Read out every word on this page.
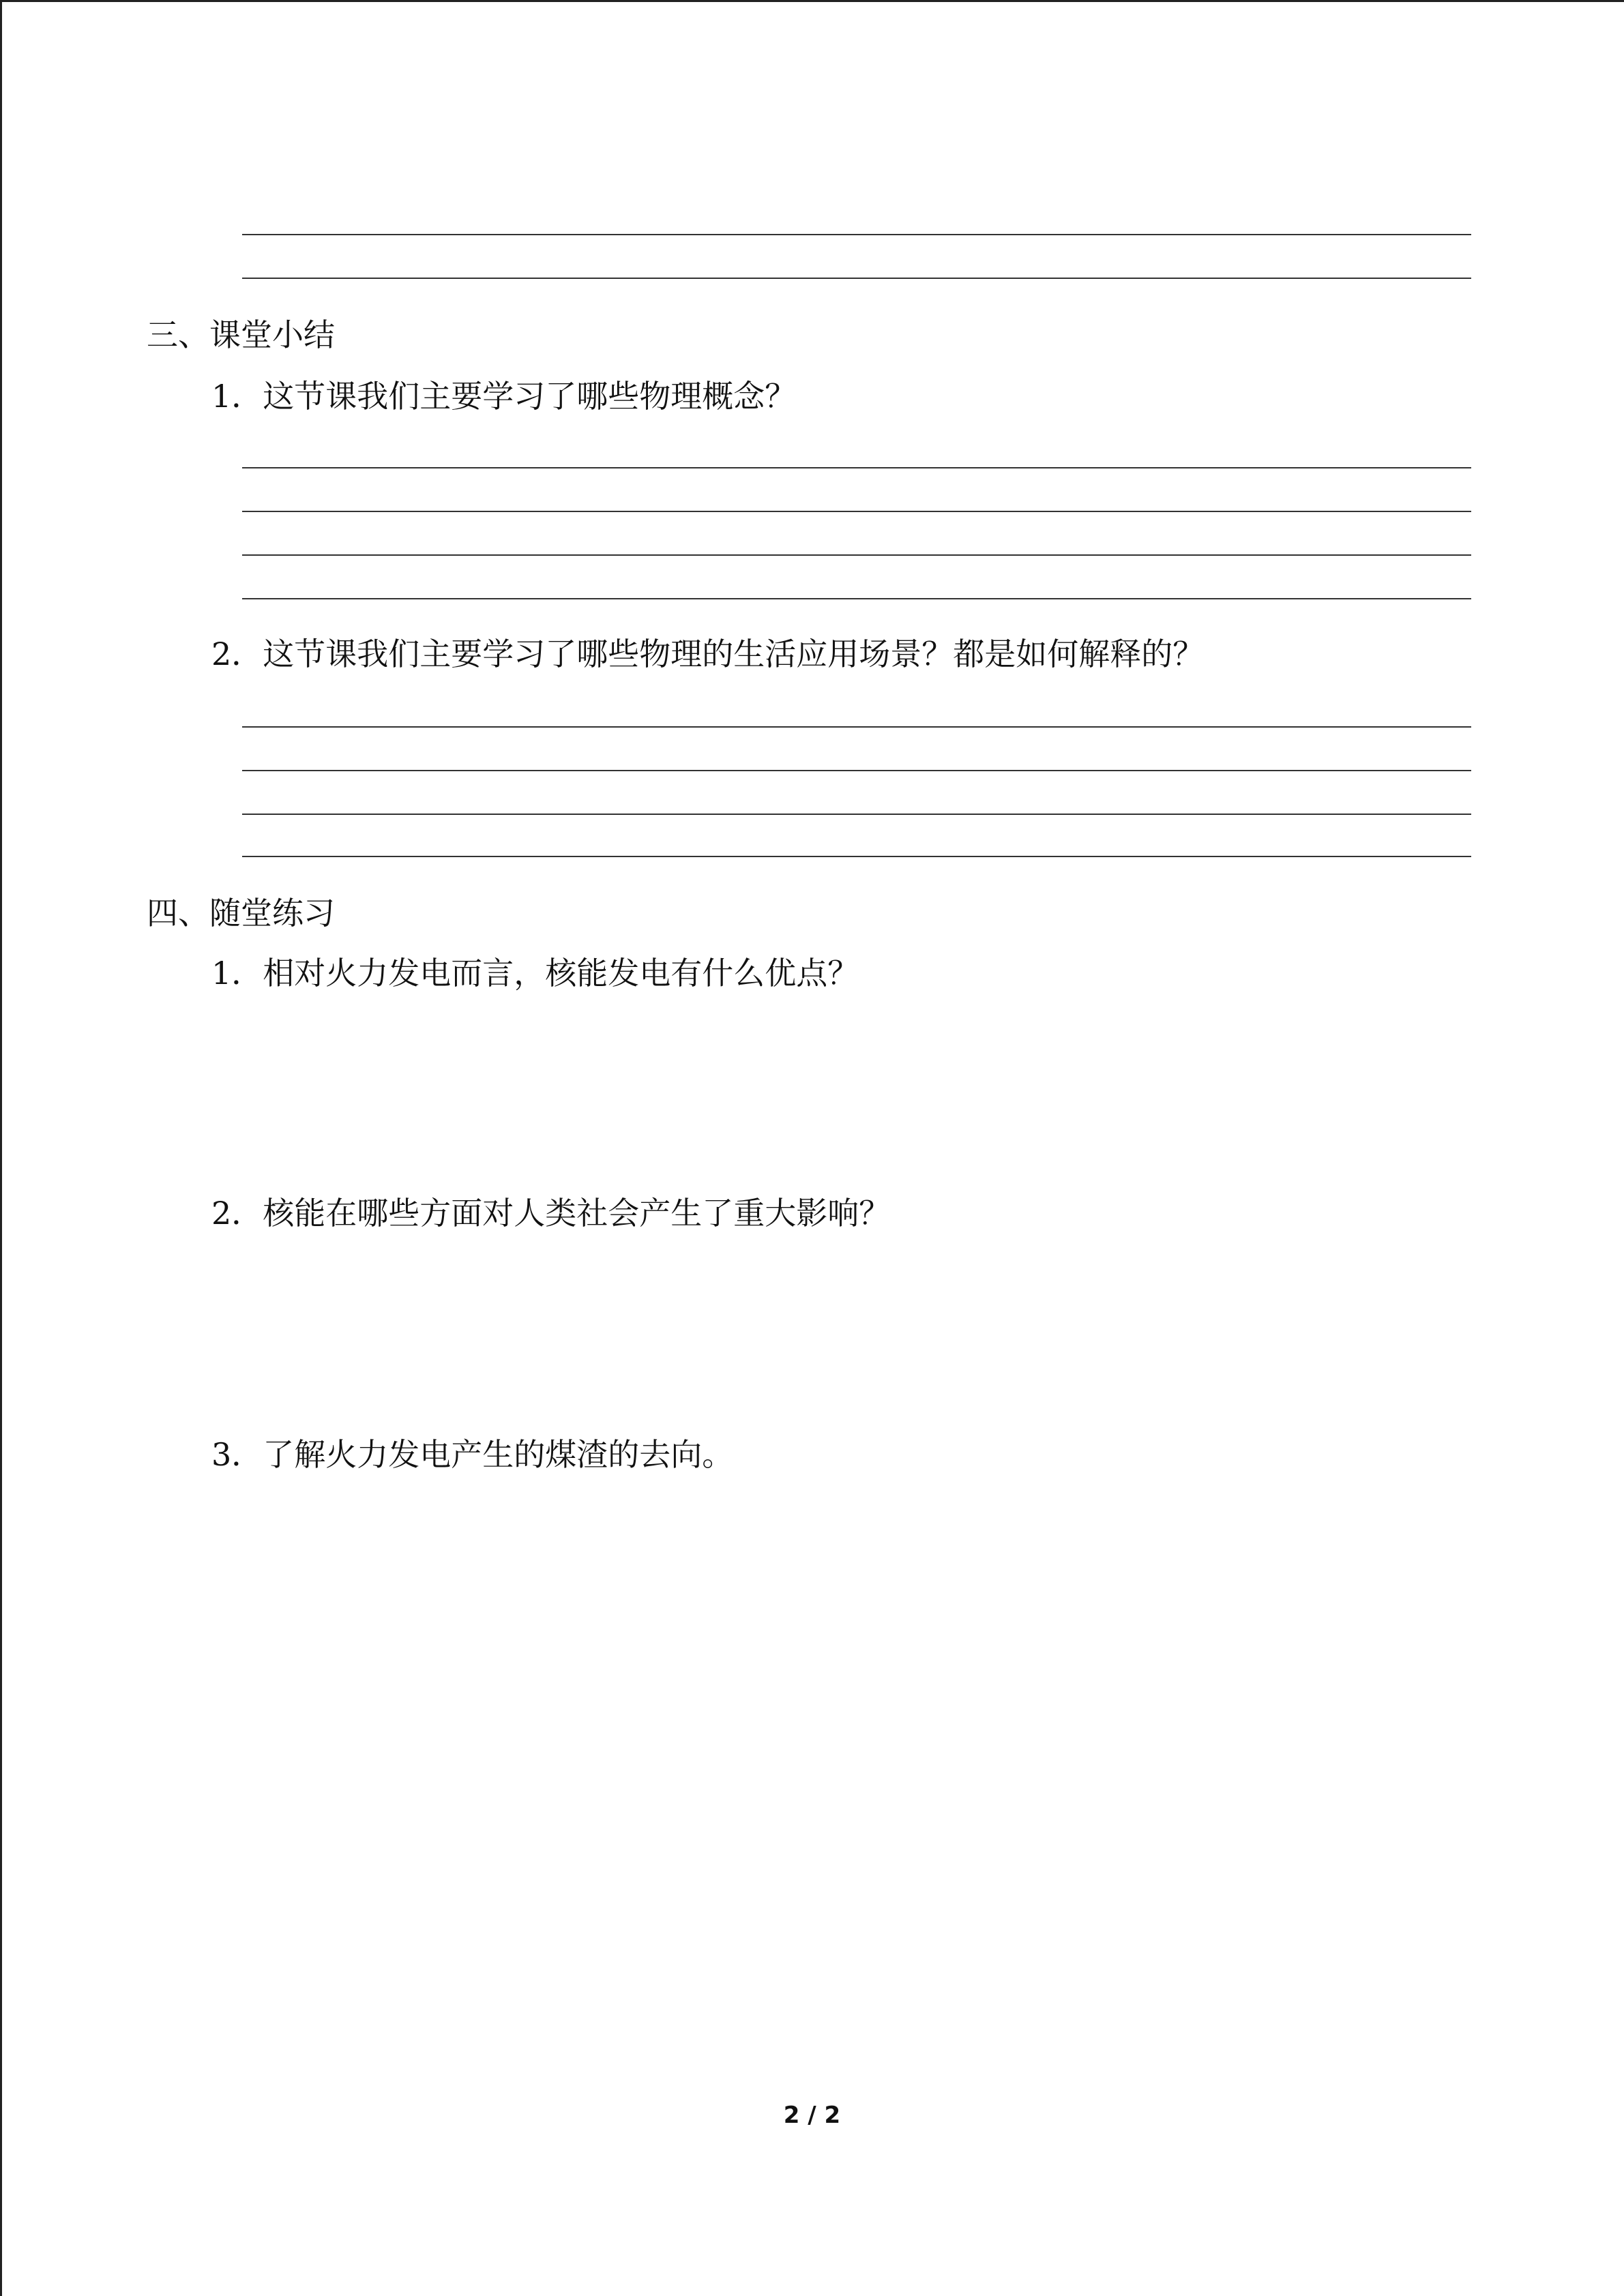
三、课堂小结
1．这节课我们主要学习了哪些物理概念？
2．这节课我们主要学习了哪些物理的生活应用场景？都是如何解释的？
四、随堂练习
1．相对火力发电而言，核能发电有什么优点？
2．核能在哪些方面对人类社会产生了重大影响？
3．了解火力发电产生的煤渣的去向。
2 / 2
